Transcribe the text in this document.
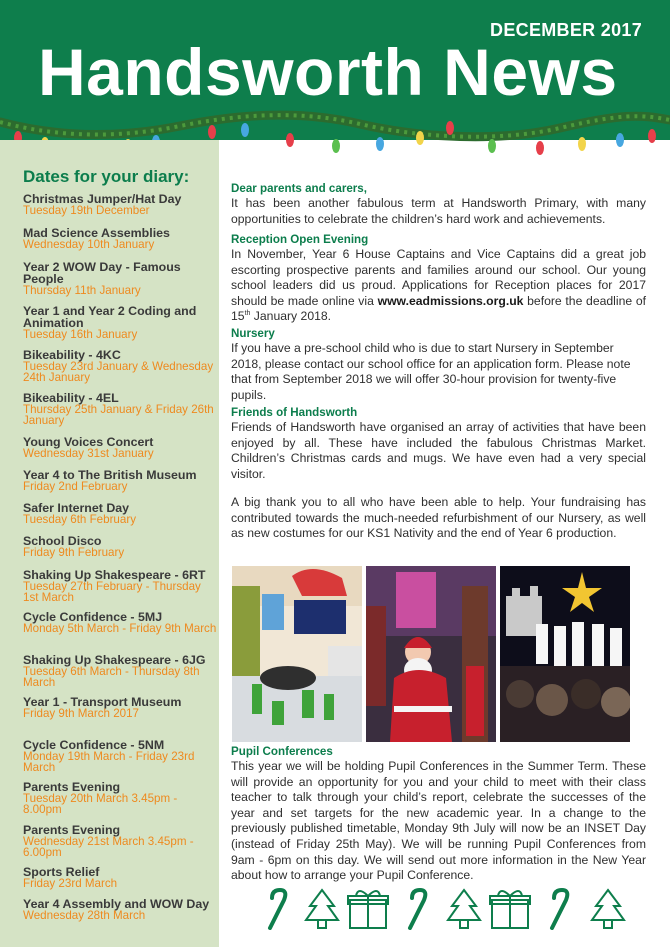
DECEMBER 2017
Handsworth News
Dates for your diary:
Christmas Jumper/Hat Day
Tuesday 19th December
Mad Science Assemblies
Wednesday 10th January
Year 2 WOW Day - Famous People
Thursday 11th January
Year 1 and Year 2 Coding and Animation
Tuesday 16th January
Bikeability - 4KC
Tuesday 23rd January & Wednesday 24th January
Bikeability - 4EL
Thursday 25th January & Friday 26th January
Young Voices Concert
Wednesday 31st January
Year 4 to The British Museum
Friday 2nd February
Safer Internet Day
Tuesday 6th February
School Disco
Friday 9th February
Shaking Up Shakespeare - 6RT
Tuesday 27th February - Thursday 1st March
Cycle Confidence - 5MJ
Monday 5th March - Friday 9th March
Shaking Up Shakespeare - 6JG
Tuesday 6th March - Thursday 8th March
Year 1 - Transport Museum
Friday 9th March 2017
Cycle Confidence - 5NM
Monday 19th March - Friday 23rd March
Parents Evening
Tuesday 20th March 3.45pm - 8.00pm
Parents Evening
Wednesday 21st March 3.45pm - 6.00pm
Sports Relief
Friday 23rd March
Year 4 Assembly and WOW Day
Wednesday 28th March
Dear parents and carers,

It has been another fabulous term at Handsworth Primary, with many opportunities to celebrate the children’s hard work and achievements.

Reception Open Evening

In November, Year 6 House Captains and Vice Captains did a great job escorting prospective parents and families around our school. Our young school leaders did us proud. Applications for Reception places for 2017 should be made online via www.eadmissions.org.uk before the deadline of 15th January 2018.

Nursery

If you have a pre-school child who is due to start Nursery in September 2018, please contact our school office for an application form. Please note that from September 2018 we will offer 30-hour provision for twenty-five pupils.

Friends of Handsworth

Friends of Handsworth have organised an array of activities that have been enjoyed by all. These have included the fabulous Christmas Market. Children’s Christmas cards and mugs. We have even had a very special visitor.

A big thank you to all who have been able to help. Your fundraising has contributed towards the much-needed refurbishment of our Nursery, as well as new costumes for our KS1 Nativity and the end of Year 6 production.

Pupil Conferences

This year we will be holding Pupil Conferences in the Summer Term. These will provide an opportunity for you and your child to meet with their class teacher to talk through your child’s report, celebrate the successes of the year and set targets for the new academic year. In a change to the previously published timetable, Monday 9th July will now be an INSET Day (instead of Friday 25th May). We will be running Pupil Conferences from 9am - 6pm on this day. We will send out more information in the New Year about how to arrange your Pupil Conference.
